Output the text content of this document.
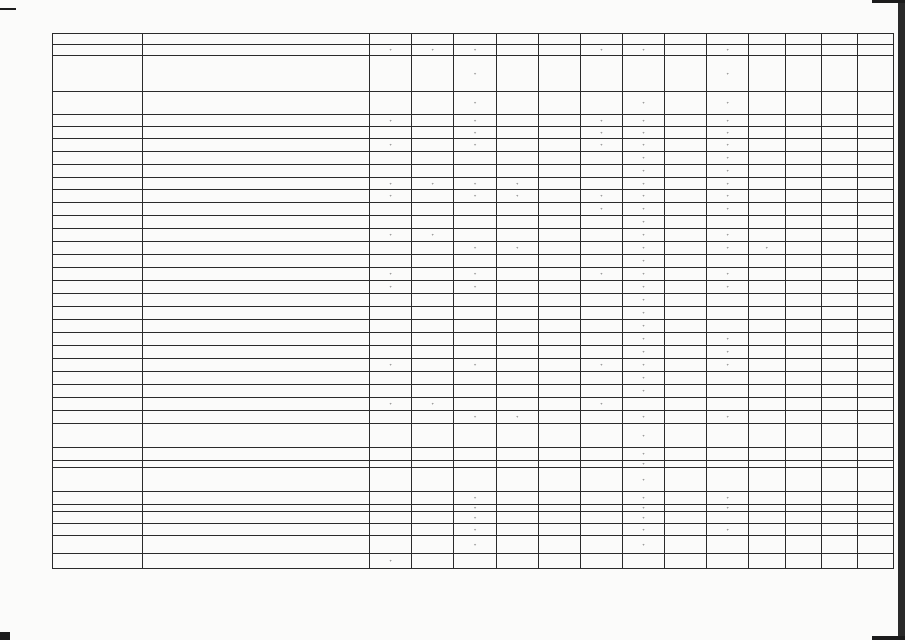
		+	+	+			+	+		+				
				+						+				
				+				+		+				
		+		+			+	+		+				
				+			+	+		+				
		+		+			+	+		+				
								+		+				
								+		+				
		+	+	+	+			+		+				
		+		+	+		+	+		+				
							+	+		+				
								+						
		+	+					+		+				
				+	+			+		+	+			
								+						
		+		+			+	+		+				
		+		+				+		+				
								+						
								+						
								+						
								+		+				
								+		+				
		+		+			+	+		+				
								+						
								+						
		+	+				+							
				+	+			+		+				
								+						
								+						
								+						
								+						
				+				+		+				
				+				+		+				
				+				+						
				+				+		+				
				+				+						
		+												
